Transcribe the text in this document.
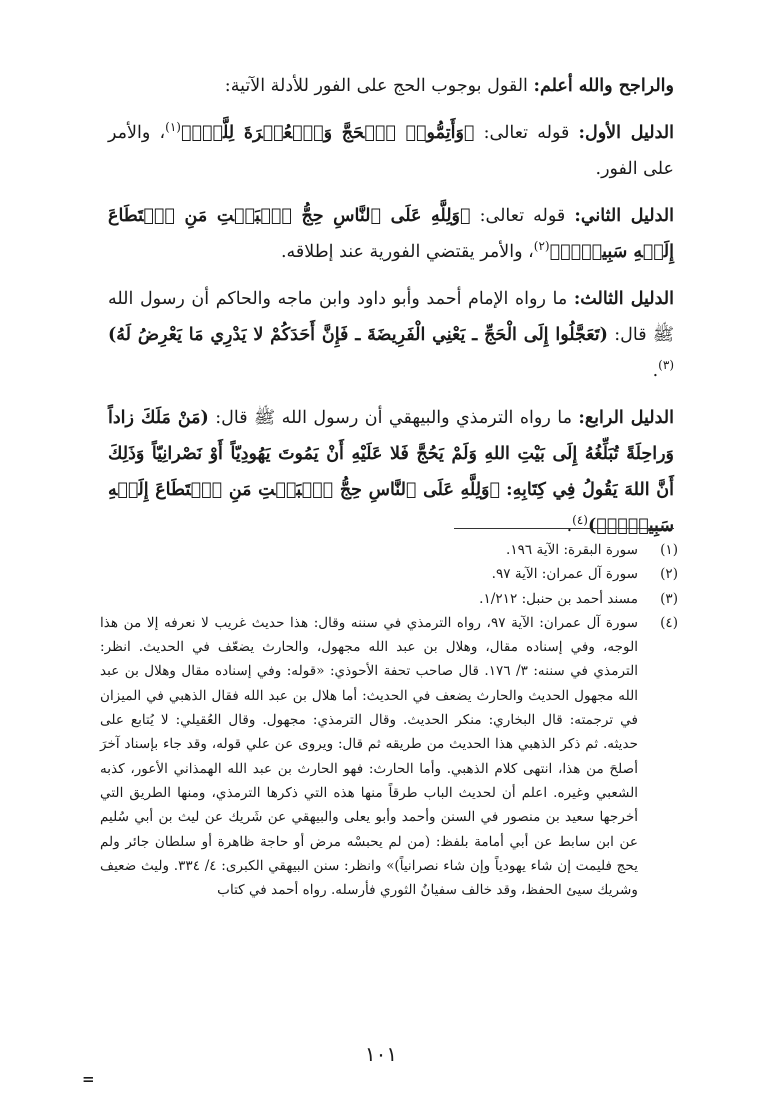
والراجح والله أعلم: القول بوجوب الحج على الفور للأدلة الآتية:

الدليل الأول: قوله تعالى: ﴿وَأَتِمُّوا۟ ٱلۡحَجَّ وَٱلۡعُمۡرَةَ لِلَّهِۚ﴾$^{(١)}$، والأمر على الفور.

الدليل الثاني: قوله تعالى: ﴿وَلِلَّهِ عَلَى ٱلنَّاسِ حِجُّ ٱلۡبَيۡتِ مَنِ ٱسۡتَطَاعَ إِلَيۡهِ سَبِيلٗاۚ﴾$^{(٢)}$، والأمر يقتضي الفورية عند إطلاقه.

الدليل الثالث: ما رواه الإمام أحمد وأبو داود وابن ماجه والحاكم أن رسول الله ﷺ قال: (تَعَجَّلُوا إِلَى الْحَجِّ ـ يَعْنِي الْفَرِيضَةَ ـ فَإِنَّ أَحَدَكُمْ لا يَدْرِي مَا يَعْرِضُ لَهُ)$^{(٣)}$.

الدليل الرابع: ما رواه الترمذي والبيهقي أن رسول الله ﷺ قال: (مَنْ مَلَكَ زاداً وَراحِلَةً تُبَلِّغُهُ إِلَى بَيْتِ اللهِ وَلَمْ يَحُجَّ فَلا عَلَيْهِ أَنْ يَمُوتَ يَهُودِيّاً أَوْ نَصْرانِيّاً وَذَلِكَ أَنَّ اللهَ يَقُولُ فِي كِتَابِهِ: ﴿وَلِلَّهِ عَلَى ٱلنَّاسِ حِجُّ ٱلۡبَيۡتِ مَنِ ٱسۡتَطَاعَ إِلَيۡهِ سَبِيلٗاۚ﴾)$^{(٤)}$.

(١)
سورة البقرة: الآية ١٩٦.
(٢)
سورة آل عمران: الآية ٩٧.
(٣)
مسند أحمد بن حنبل: ١/٢١٢.
(٤)
سورة آل عمران: الآية ٩٧، رواه الترمذي في سننه وقال: هذا حديث غريب لا نعرفه إلا من هذا الوجه، وفي إسناده مقال، وهلال بن عبد الله مجهول، والحارث يضعّف في الحديث. انظر: الترمذي في سننه: ٣/ ١٧٦. قال صاحب تحفة الأحوذي: «قوله: وفي إسناده مقال وهلال بن عبد الله مجهول الحديث والحارث يضعف في الحديث: أما هلال بن عبد الله فقال الذهبي في الميزان في ترجمته: قال البخاري: منكر الحديث. وقال الترمذي: مجهول. وقال العُقيلي: لا يُتابع على حديثه. ثم ذكر الذهبي هذا الحديث من طريقه ثم قال: ويروى عن علي قوله، وقد جاء بإسناد آخرَ أصلحَ من هذا، انتهى كلام الذهبي. وأما الحارث: فهو الحارث بن عبد الله الهمذاني الأعور، كذبه الشعبي وغيره. اعلم أن لحديث الباب طرقاً منها هذه التي ذكرها الترمذي، ومنها الطريق التي أخرجها سعيد بن منصور في السنن وأحمد وأبو يعلى والبيهقي عن شَريك عن ليث بن أبي سُليم عن ابن سابط عن أبي أمامة بلفظ: (من لم يحبسْه مرض أو حاجة ظاهرة أو سلطان جائر ولم يحج فليمت إن شاء يهودياً وإن شاء نصرانياً)» وانظر: سنن البيهقي الكبرى: ٤/ ٣٣٤. وليث ضعيف وشريك سيئ الحفظ، وقد خالف سفيانُ الثوري فأرسله. رواه أحمد في كتاب
=
١٠١
